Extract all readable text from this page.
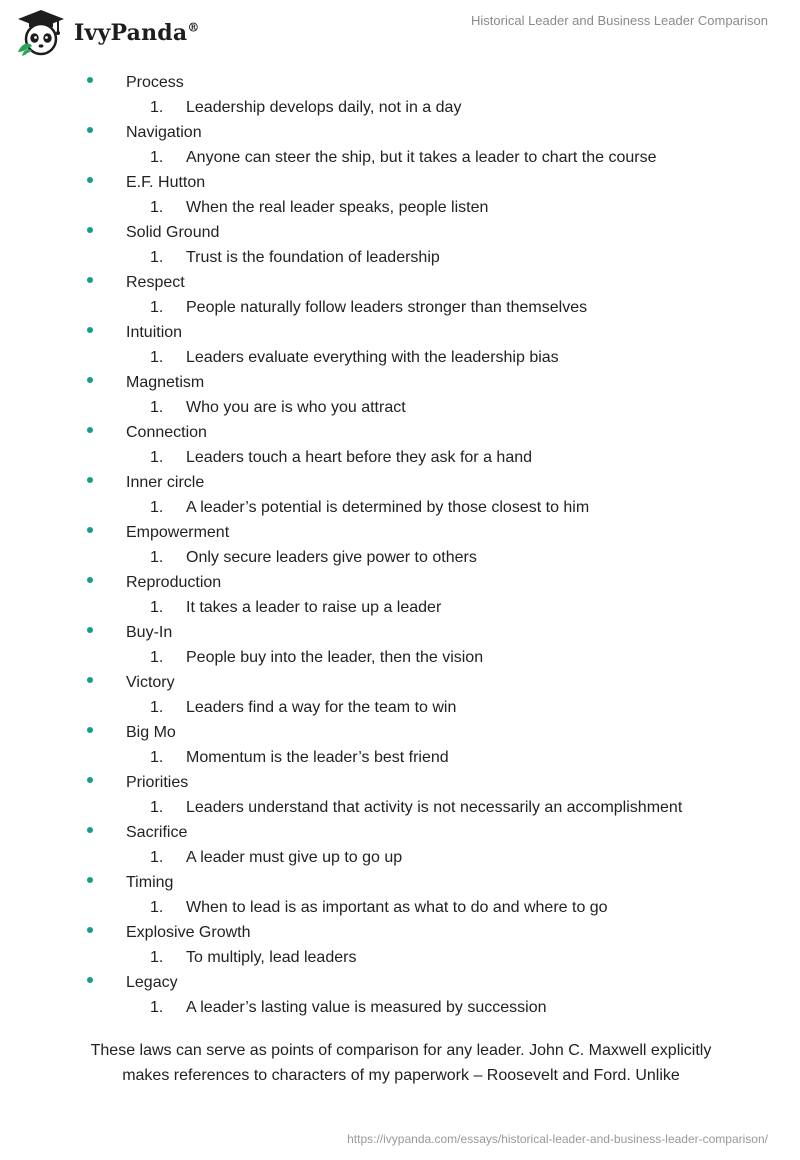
IvyPanda®	Historical Leader and Business Leader Comparison
Process
1. Leadership develops daily, not in a day
Navigation
1. Anyone can steer the ship, but it takes a leader to chart the course
E.F. Hutton
1. When the real leader speaks, people listen
Solid Ground
1. Trust is the foundation of leadership
Respect
1. People naturally follow leaders stronger than themselves
Intuition
1. Leaders evaluate everything with the leadership bias
Magnetism
1. Who you are is who you attract
Connection
1. Leaders touch a heart before they ask for a hand
Inner circle
1. A leader’s potential is determined by those closest to him
Empowerment
1. Only secure leaders give power to others
Reproduction
1. It takes a leader to raise up a leader
Buy-In
1. People buy into the leader, then the vision
Victory
1. Leaders find a way for the team to win
Big Mo
1. Momentum is the leader’s best friend
Priorities
1. Leaders understand that activity is not necessarily an accomplishment
Sacrifice
1. A leader must give up to go up
Timing
1. When to lead is as important as what to do and where to go
Explosive Growth
1. To multiply, lead leaders
Legacy
1. A leader’s lasting value is measured by succession
These laws can serve as points of comparison for any leader. John C. Maxwell explicitly makes references to characters of my paperwork – Roosevelt and Ford. Unlike
https://ivypanda.com/essays/historical-leader-and-business-leader-comparison/
